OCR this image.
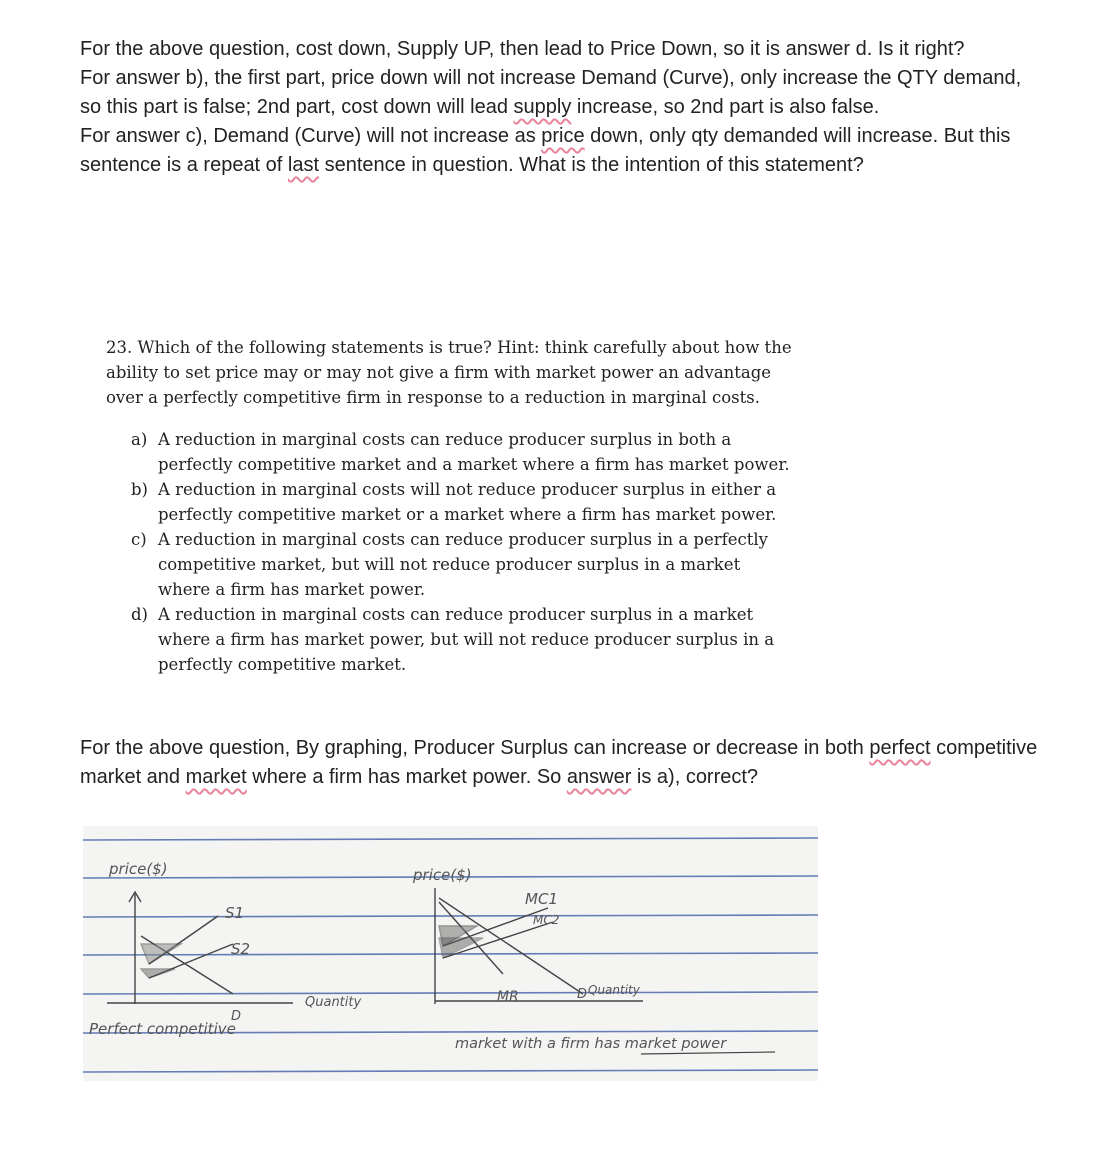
For the above question, cost down, Supply UP, then lead to Price Down, so it is answer d. Is it right?
For answer b), the first part, price down will not increase Demand (Curve), only increase the QTY demand, so this part is false; 2nd part, cost down will lead supply increase, so 2nd part is also false.
For answer c), Demand (Curve) will not increase as price down, only qty demanded will increase. But this sentence is a repeat of last sentence in question. What is the intention of this statement?

23. Which of the following statements is true? Hint: think carefully about how the ability to set price may or may not give a firm with market power an advantage over a perfectly competitive firm in response to a reduction in marginal costs.

a) A reduction in marginal costs can reduce producer surplus in both a perfectly competitive market and a market where a firm has market power.
b) A reduction in marginal costs will not reduce producer surplus in either a perfectly competitive market or a market where a firm has market power.
c) A reduction in marginal costs can reduce producer surplus in a perfectly competitive market, but will not reduce producer surplus in a market where a firm has market power.
d) A reduction in marginal costs can reduce producer surplus in a market where a firm has market power, but will not reduce producer surplus in a perfectly competitive market.

For the above question, By graphing, Producer Surplus can increase or decrease in both perfect competitive market and market where a firm has market power. So answer is a), correct?

price($)
S1
S2
D
Quantity
Perfect competitive
price($)
MC1
MC2
MR	D Quantity
market with a firm has market power
